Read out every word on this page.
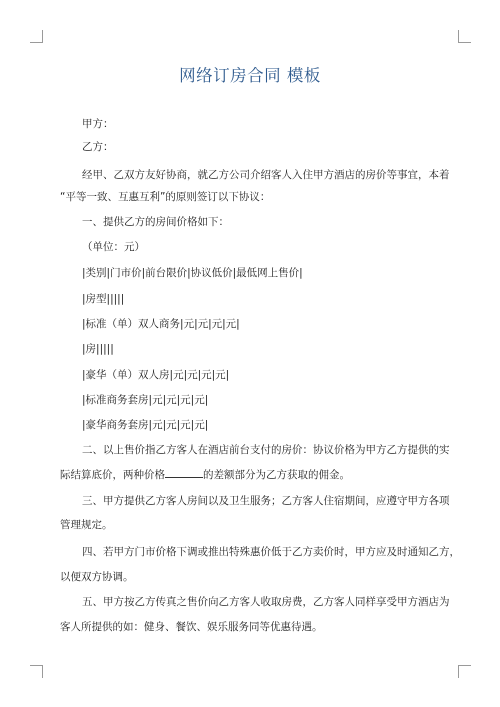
网络订房合同 模板
甲方：
乙方：
经甲、乙双方友好协商，就乙方公司介绍客人入住甲方酒店的房价等事宜，本着
“平等一致、互惠互利”的原则签订以下协议：
一、提供乙方的房间价格如下：
（单位：元）
|类别|门市价|前台限价|协议低价|最低网上售价|
|房型|||||
|标准（单）双人商务|元|元|元|元|
|房|||||
|豪华（单）双人房|元|元|元|元|
|标准商务套房|元|元|元|元|
|豪华商务套房|元|元|元|元|
二、以上售价指乙方客人在酒店前台支付的房价：协议价格为甲方乙方提供的实
际结算底价，两种价格	的差额部分为乙方获取的佣金。
三、甲方提供乙方客人房间以及卫生服务；乙方客人住宿期间，应遵守甲方各项
管理规定。
四、若甲方门市价格下调或推出特殊惠价低于乙方卖价时，甲方应及时通知乙方，
以便双方协调。
五、甲方按乙方传真之售价向乙方客人收取房费，乙方客人同样享受甲方酒店为
客人所提供的如：健身、餐饮、娱乐服务同等优惠待遇。
